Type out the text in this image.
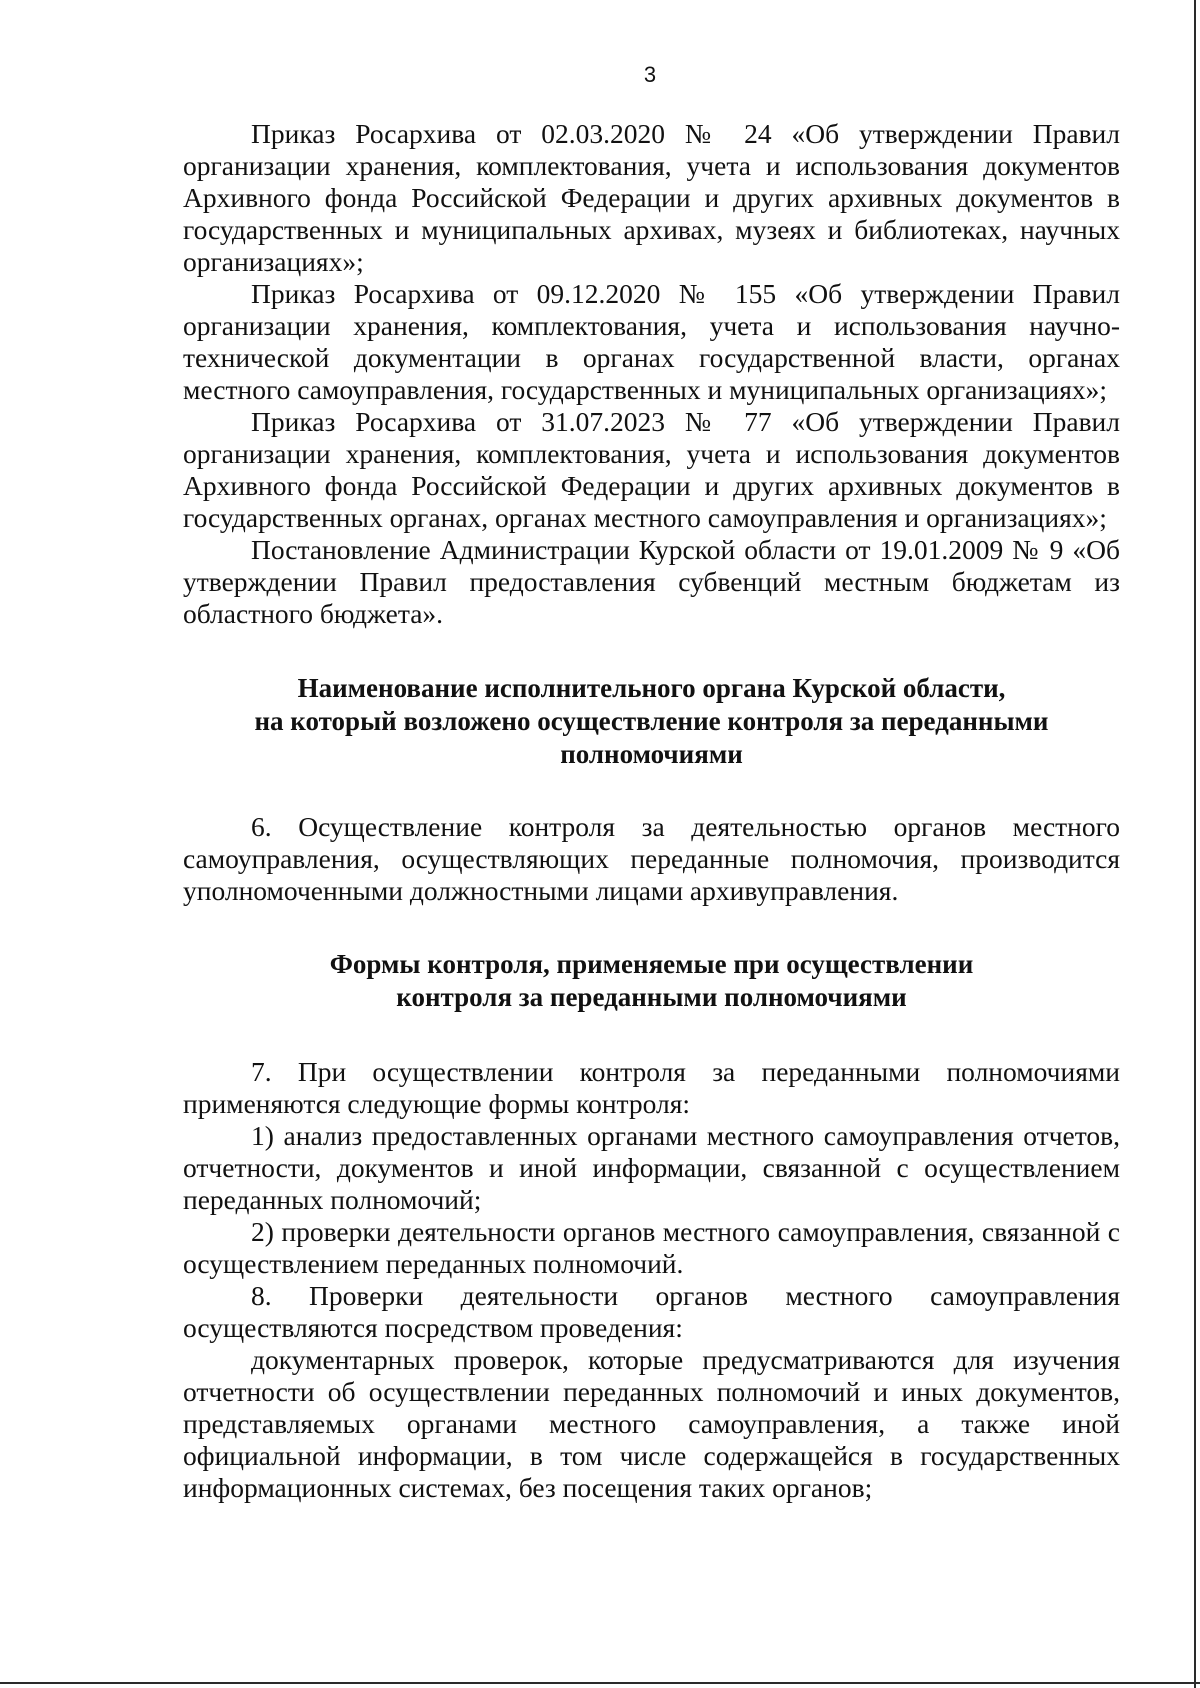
3

Приказ Росархива от 02.03.2020 № 24 «Об утверждении Правил организации хранения, комплектования, учета и использования документов Архивного фонда Российской Федерации и других архивных документов в государственных и муниципальных архивах, музеях и библиотеках, научных организациях»;

Приказ Росархива от 09.12.2020 № 155 «Об утверждении Правил организации хранения, комплектования, учета и использования научно-технической документации в органах государственной власти, органах местного самоуправления, государственных и муниципальных организациях»;

Приказ Росархива от 31.07.2023 № 77 «Об утверждении Правил организации хранения, комплектования, учета и использования документов Архивного фонда Российской Федерации и других архивных документов в государственных органах, органах местного самоуправления и организациях»;

Постановление Администрации Курской области от 19.01.2009 № 9 «Об утверждении Правил предоставления субвенций местным бюджетам из областного бюджета».

Наименование исполнительного органа Курской области,

на который возложено осуществление контроля за переданными

полномочиями

6. Осуществление контроля за деятельностью органов местного самоуправления, осуществляющих переданные полномочия, производится уполномоченными должностными лицами архивуправления.

Формы контроля, применяемые при осуществлении

контроля за переданными полномочиями

7. При осуществлении контроля за переданными полномочиями применяются следующие формы контроля:

1) анализ предоставленных органами местного самоуправления отчетов, отчетности, документов и иной информации, связанной с осуществлением переданных полномочий;

2) проверки деятельности органов местного самоуправления, связанной с осуществлением переданных полномочий.

8. Проверки деятельности органов местного самоуправления осуществляются посредством проведения:

документарных проверок, которые предусматриваются для изучения отчетности об осуществлении переданных полномочий и иных документов, представляемых органами местного самоуправления, а также иной официальной информации, в том числе содержащейся в государственных информационных системах, без посещения таких органов;
